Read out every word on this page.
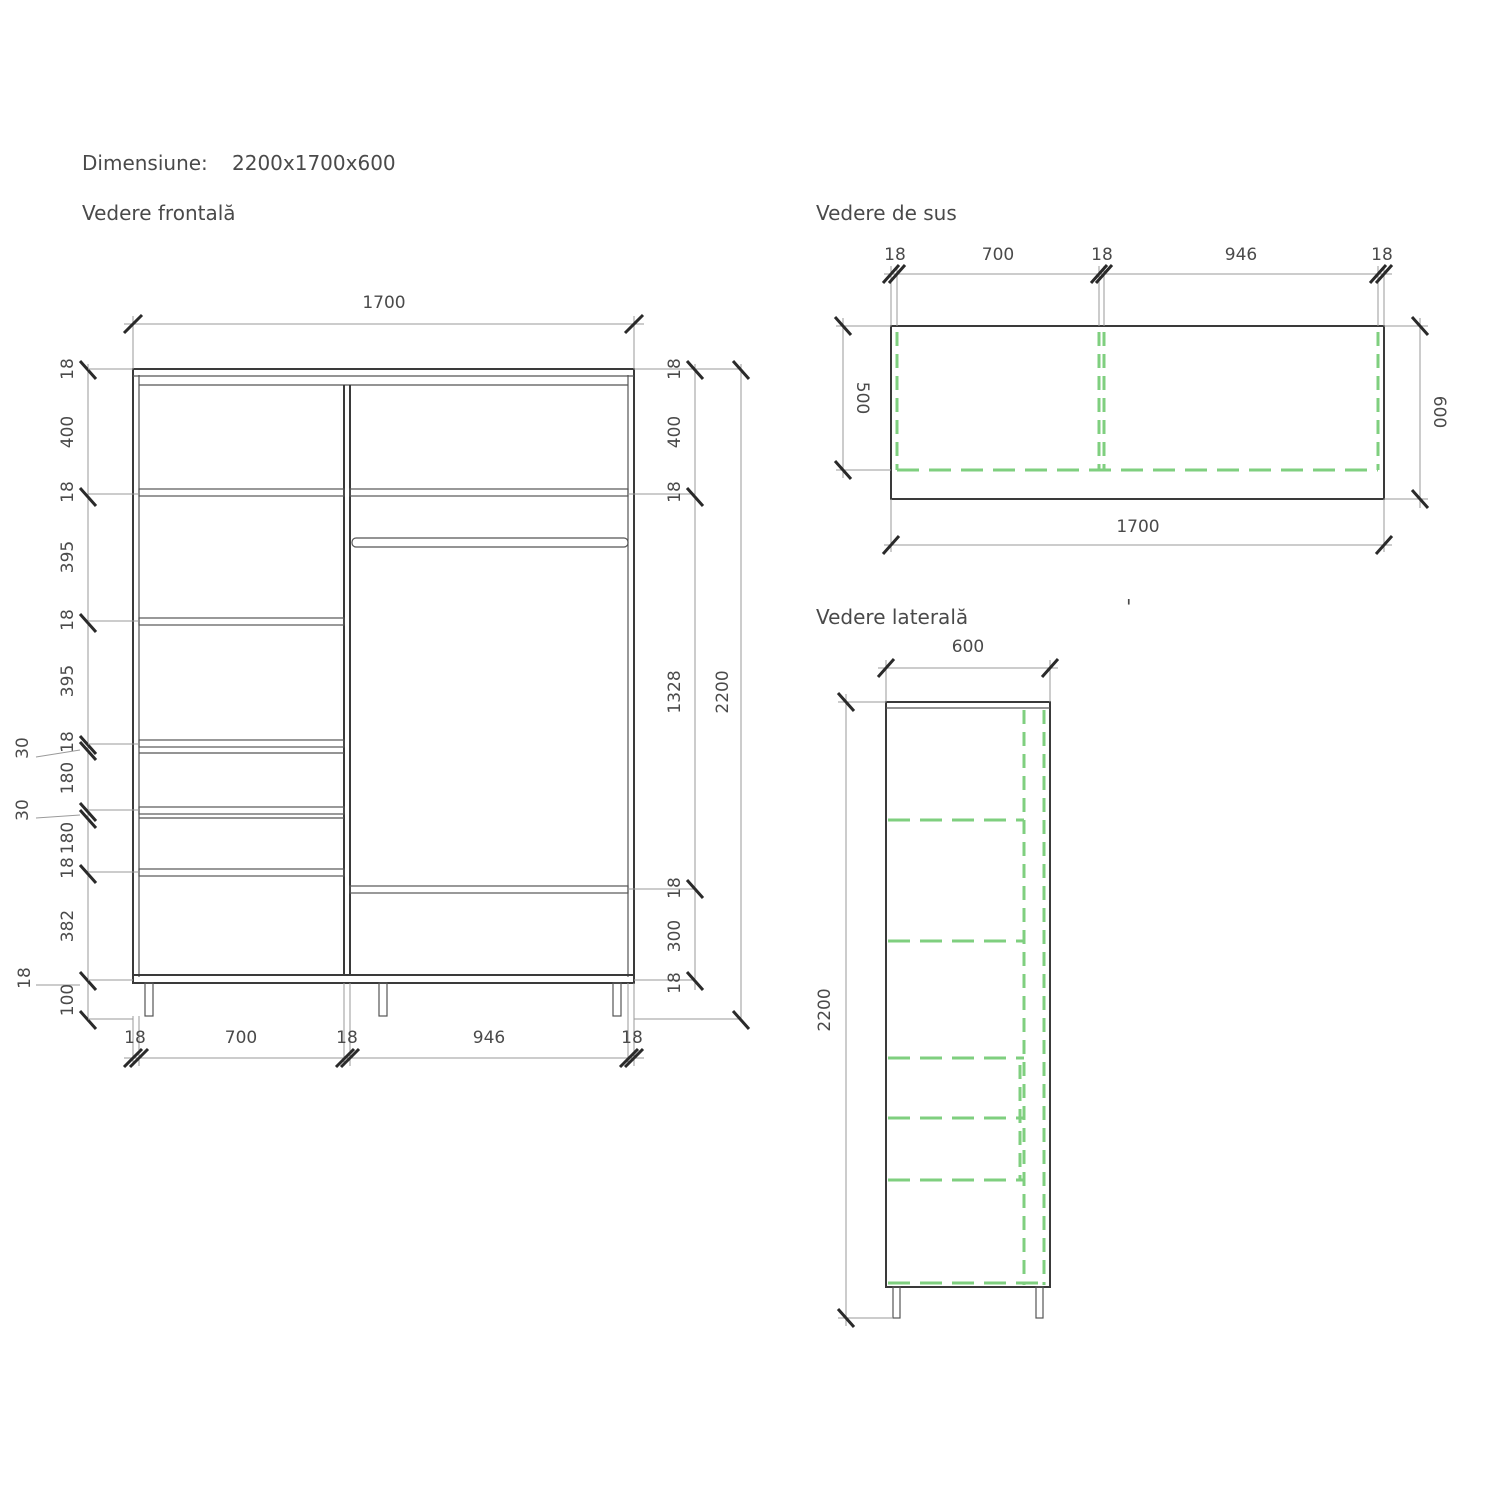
Dimensiune: 2200x1700x600
Vedere frontală	Vedere de sus
Vedere laterală	'
1700
18
400
18
395
18
395
18
180
18
180
382
100
30
30
18
18
400
18
1328
18
300
18
2200
18	700	18	946	18
18	700	18	946	18
1700
500	600
600
2200
